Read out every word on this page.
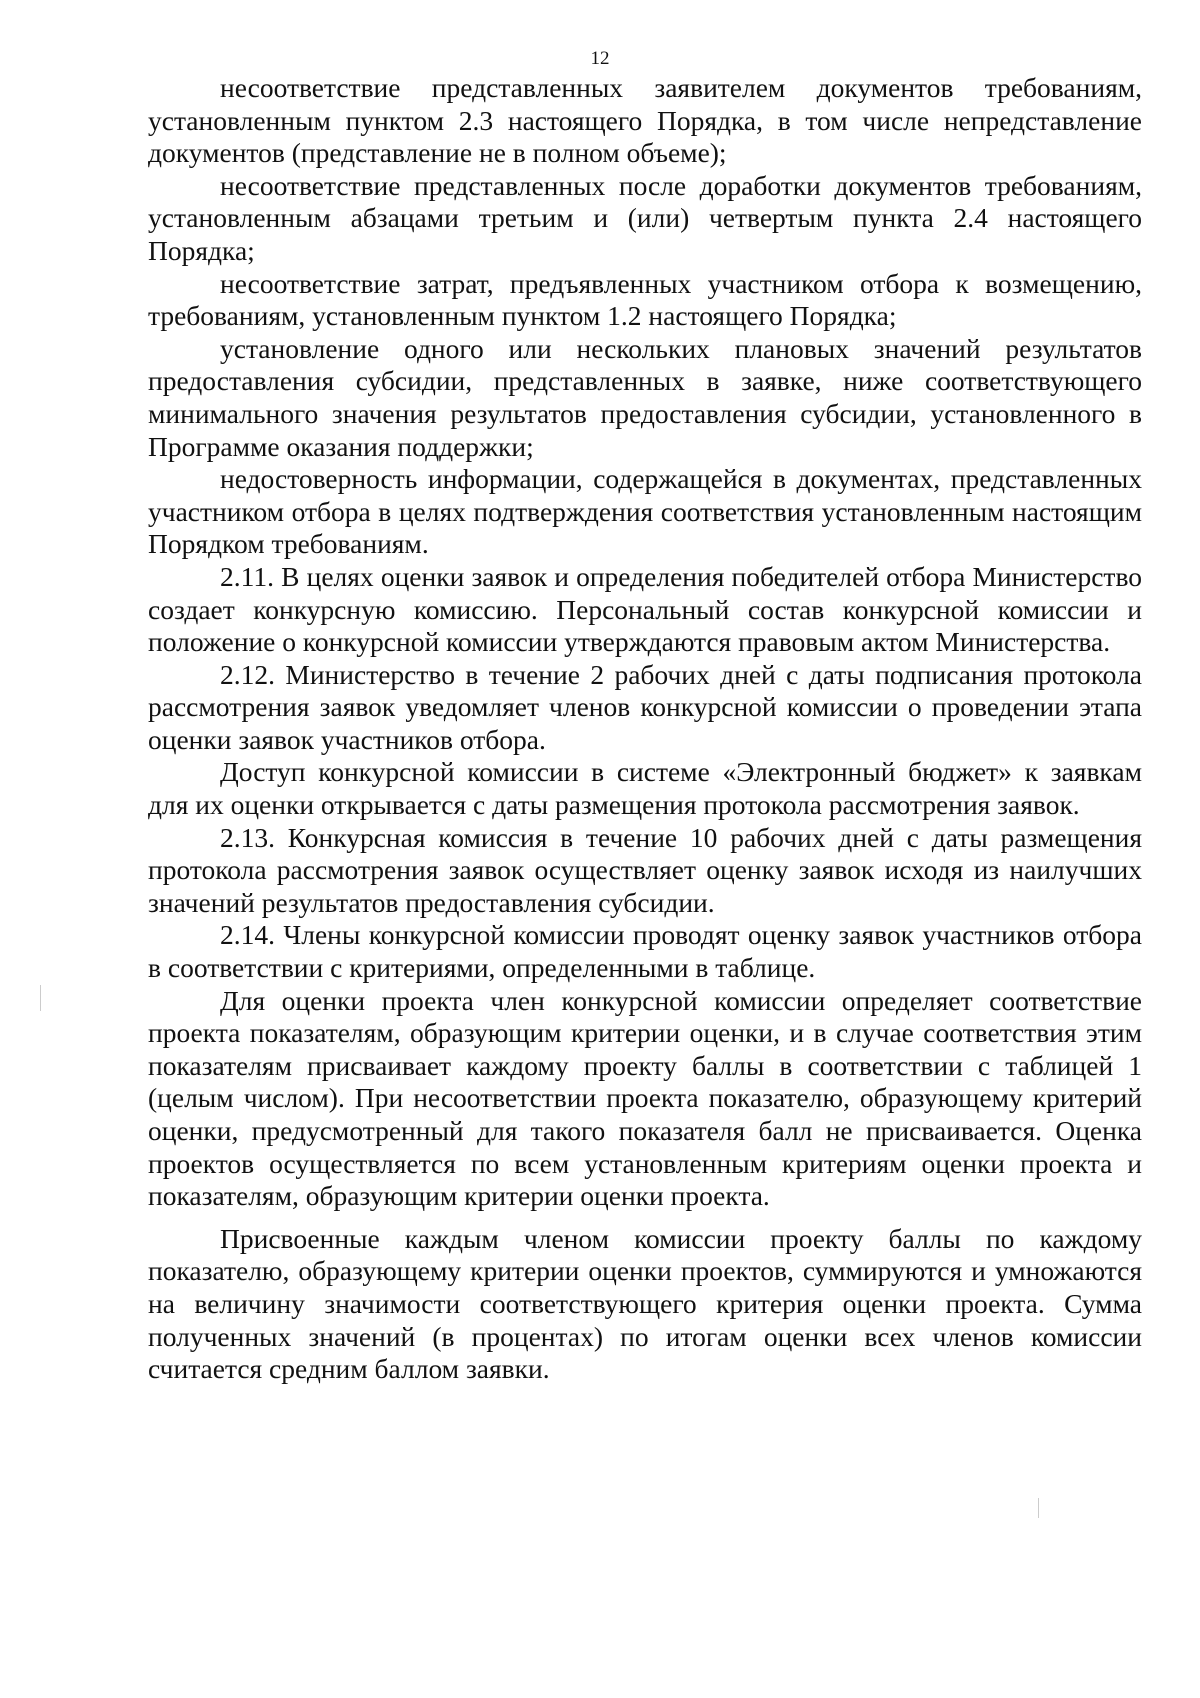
12

несоответствие представленных заявителем документов требованиям, установленным пунктом 2.3 настоящего Порядка, в том числе непредставление документов (представление не в полном объеме);

несоответствие представленных после доработки документов требованиям, установленным абзацами третьим и (или) четвертым пункта 2.4 настоящего Порядка;

несоответствие затрат, предъявленных участником отбора к возмещению, требованиям, установленным пунктом 1.2 настоящего Порядка;

установление одного или нескольких плановых значений результатов предоставления субсидии, представленных в заявке, ниже соответствующего минимального значения результатов предоставления субсидии, установленного в Программе оказания поддержки;

недостоверность информации, содержащейся в документах, представленных участником отбора в целях подтверждения соответствия установленным настоящим Порядком требованиям.

2.11. В целях оценки заявок и определения победителей отбора Министерство создает конкурсную комиссию. Персональный состав конкурсной комиссии и положение о конкурсной комиссии утверждаются правовым актом Министерства.

2.12. Министерство в течение 2 рабочих дней с даты подписания протокола рассмотрения заявок уведомляет членов конкурсной комиссии о проведении этапа оценки заявок участников отбора.

Доступ конкурсной комиссии в системе «Электронный бюджет» к заявкам для их оценки открывается с даты размещения протокола рассмотрения заявок.

2.13. Конкурсная комиссия в течение 10 рабочих дней с даты размещения протокола рассмотрения заявок осуществляет оценку заявок исходя из наилучших значений результатов предоставления субсидии.

2.14. Члены конкурсной комиссии проводят оценку заявок участников отбора в соответствии с критериями, определенными в таблице.

Для оценки проекта член конкурсной комиссии определяет соответствие проекта показателям, образующим критерии оценки, и в случае соответствия этим показателям присваивает каждому проекту баллы в соответствии с таблицей 1 (целым числом). При несоответствии проекта показателю, образующему критерий оценки, предусмотренный для такого показателя балл не присваивается. Оценка проектов осуществляется по всем установленным критериям оценки проекта и показателям, образующим критерии оценки проекта.

Присвоенные каждым членом комиссии проекту баллы по каждому показателю, образующему критерии оценки проектов, суммируются и умножаются на величину значимости соответствующего критерия оценки проекта. Сумма полученных значений (в процентах) по итогам оценки всех членов комиссии считается средним баллом заявки.
